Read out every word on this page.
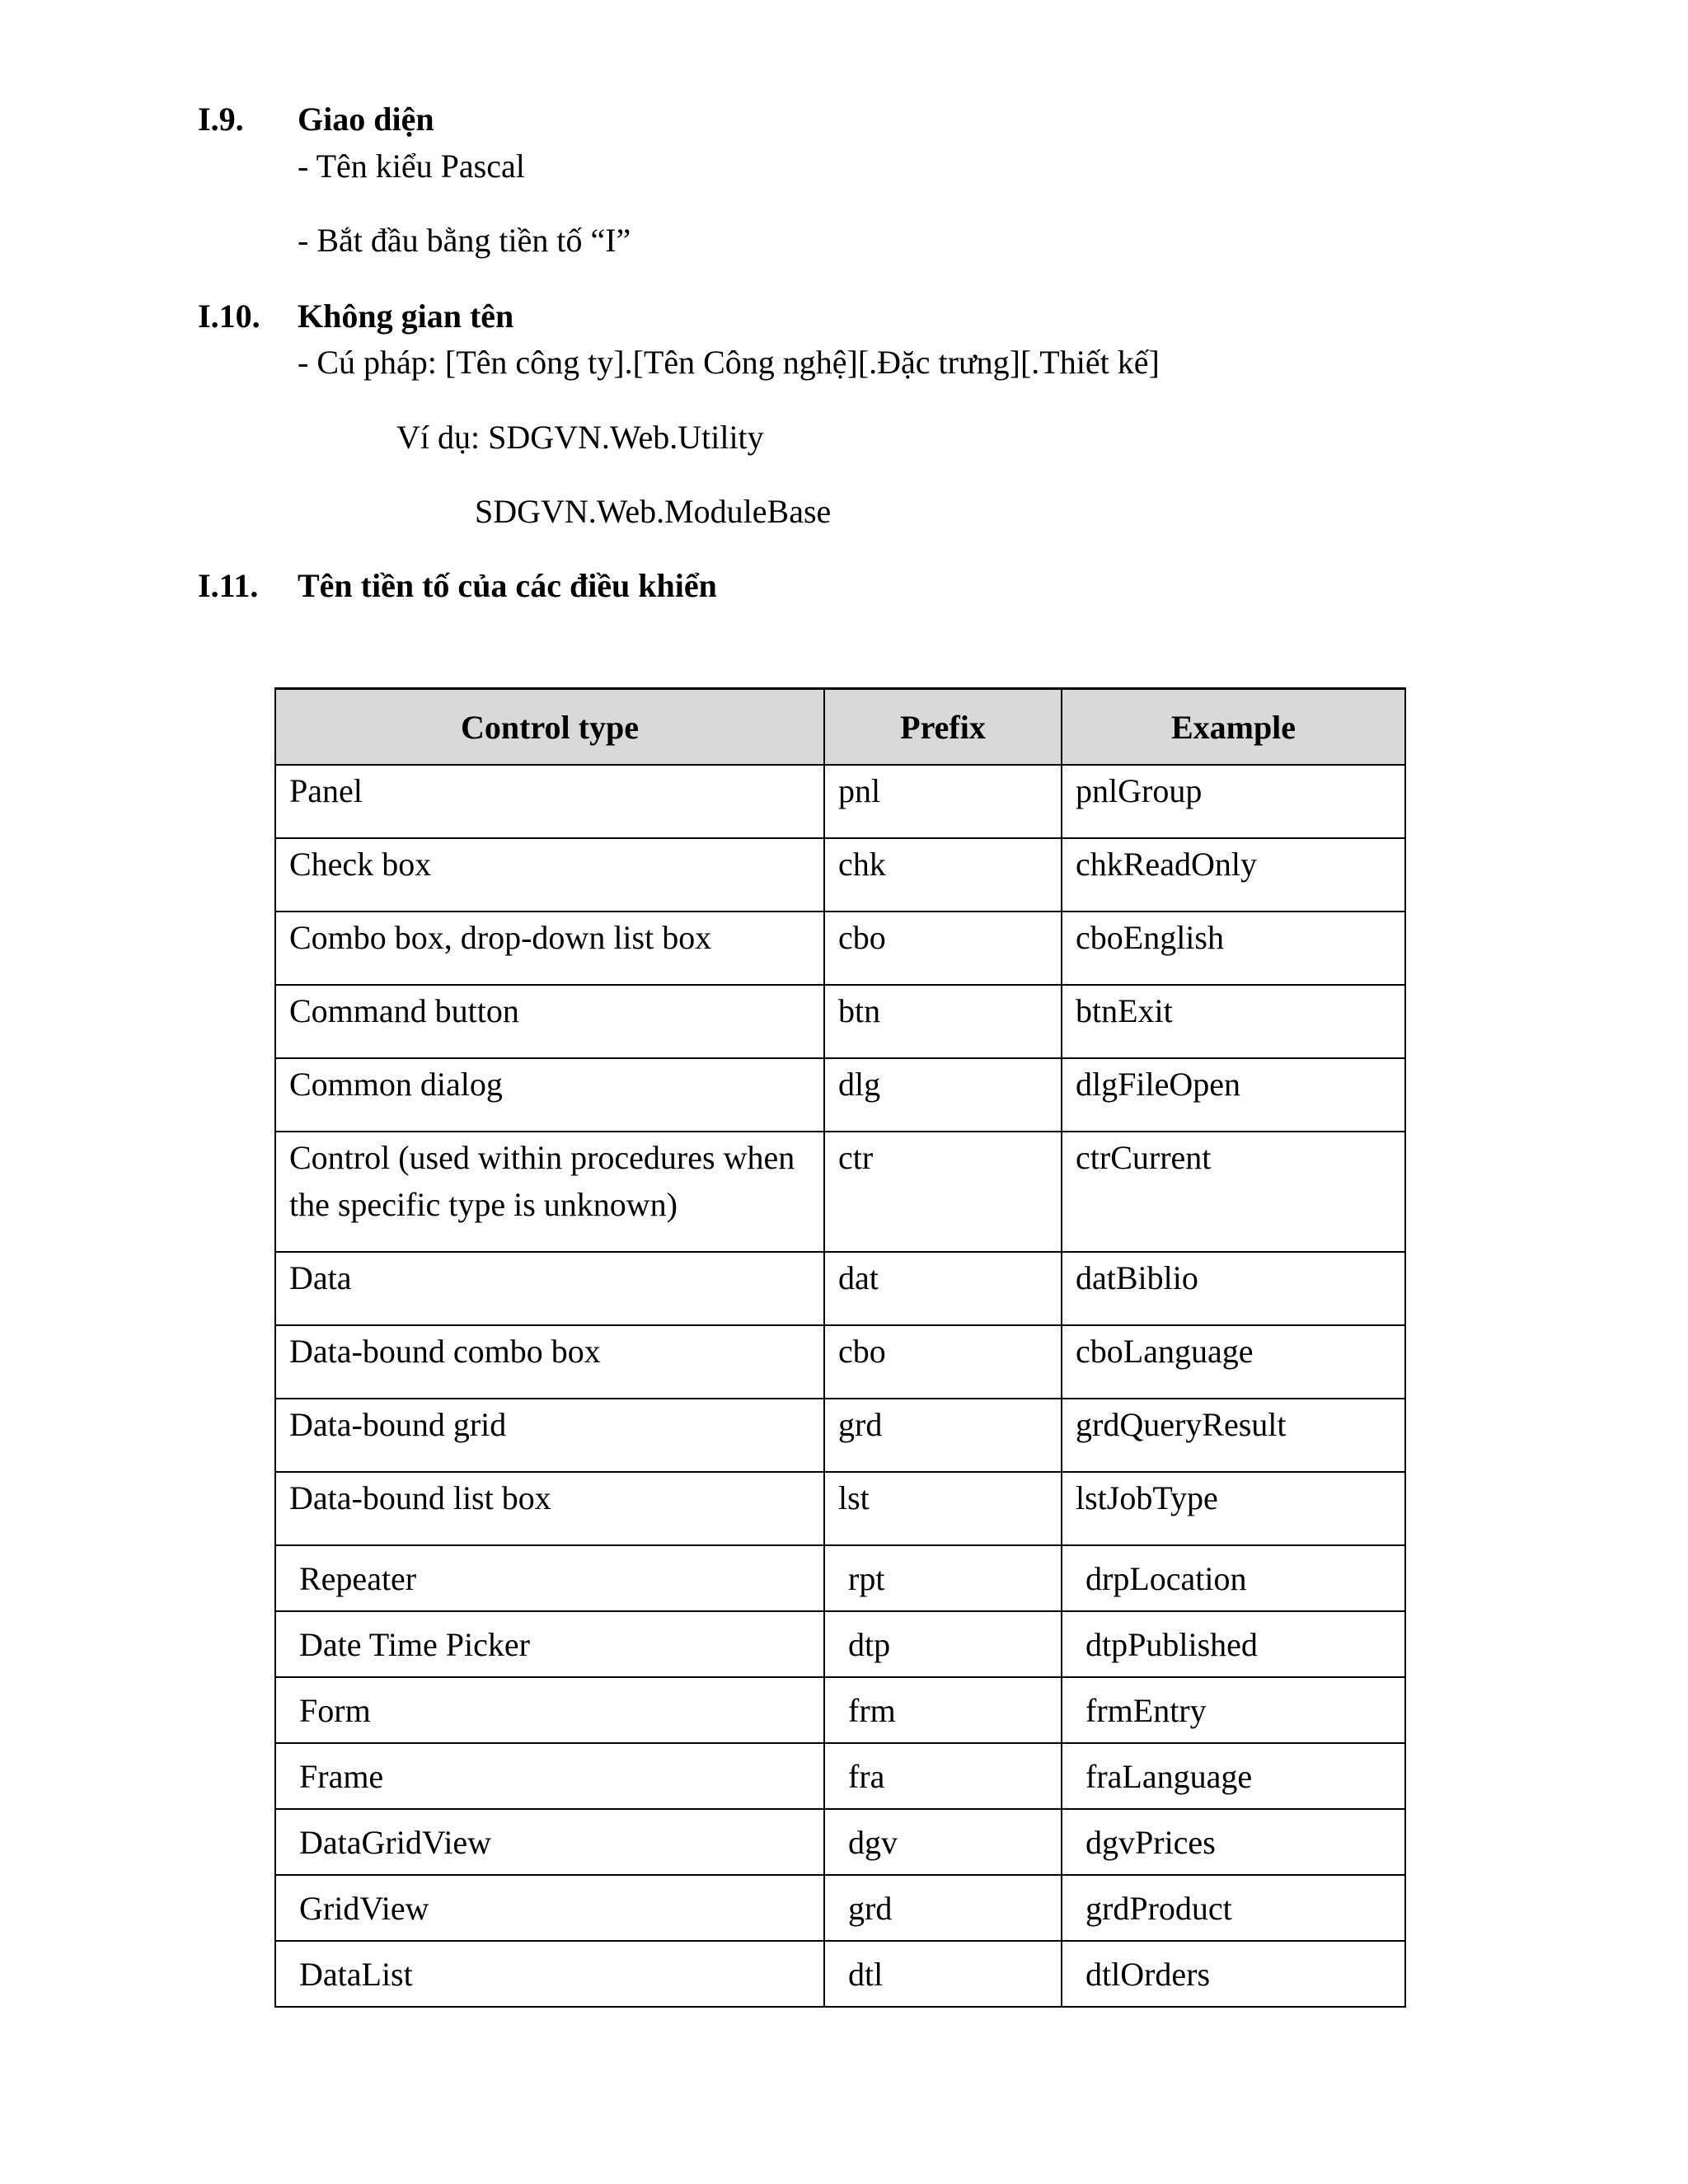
I.9. Giao diện
- Tên kiểu Pascal
- Bắt đầu bằng tiền tố “I”
I.10. Không gian tên
- Cú pháp: [Tên công ty].[Tên Công nghệ][.Đặc trưng][.Thiết kế]
Ví dụ: SDGVN.Web.Utility
SDGVN.Web.ModuleBase
I.11. Tên tiền tố của các điều khiển
Control type	Prefix	Example
Panel	pnl	pnlGroup
Check box	chk	chkReadOnly
Combo box, drop-down list box	cbo	cboEnglish
Command button	btn	btnExit
Common dialog	dlg	dlgFileOpen
Control (used within procedures when the specific type is unknown)	ctr	ctrCurrent
Data	dat	datBiblio
Data-bound combo box	cbo	cboLanguage
Data-bound grid	grd	grdQueryResult
Data-bound list box	lst	lstJobType
Repeater	rpt	drpLocation
Date Time Picker	dtp	dtpPublished
Form	frm	frmEntry
Frame	fra	fraLanguage
DataGridView	dgv	dgvPrices
GridView	grd	grdProduct
DataList	dtl	dtlOrders
